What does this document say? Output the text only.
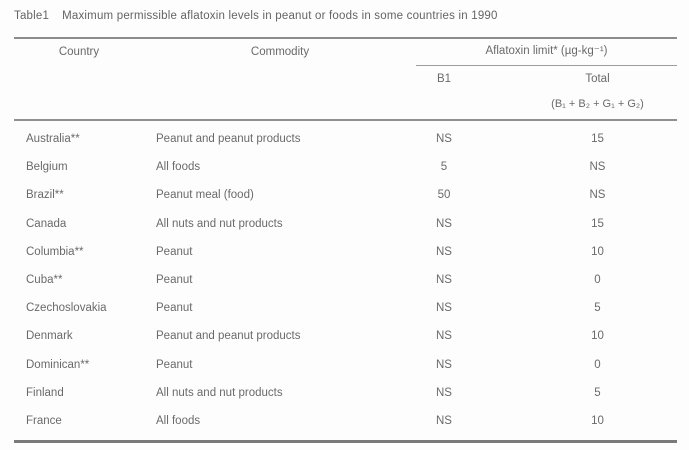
Table1 Maximum permissible aflatoxin levels in peanut or foods in some countries in 1990
Country	Commodity	Aflatoxin limit* (µg-kg⁻¹)
B1	Total
(B₁ + B₂ + G₁ + G₂)
Australia**	Peanut and peanut products	NS	15
Belgium	All foods	5	NS
Brazil**	Peanut meal (food)	50	NS
Canada	All nuts and nut products	NS	15
Columbia**	Peanut	NS	10
Cuba**	Peanut	NS	0
Czechoslovakia	Peanut	NS	5
Denmark	Peanut and peanut products	NS	10
Dominican**	Peanut	NS	0
Finland	All nuts and nut products	NS	5
France	All foods	NS	10
